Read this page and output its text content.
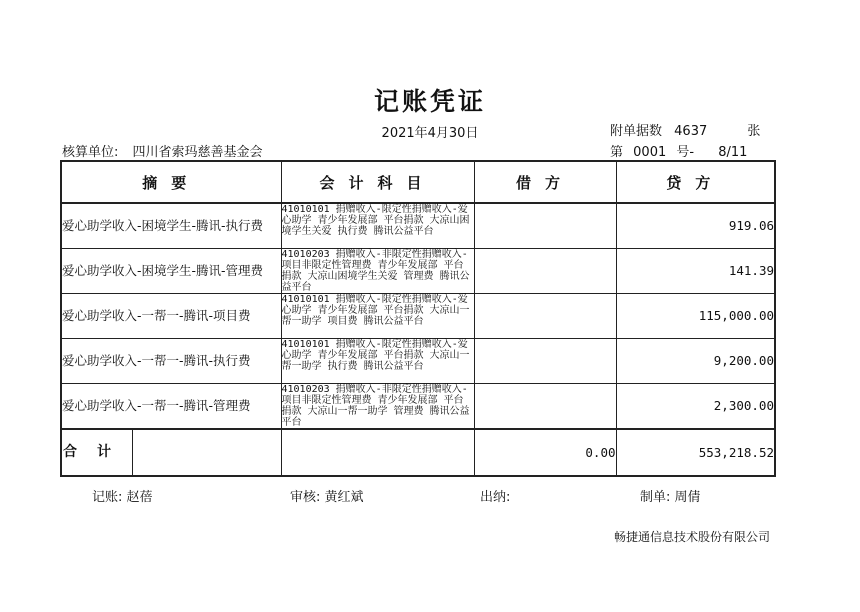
记账凭证
2021年4月30日	附单据数 4637	张
核算单位: 四川省索玛慈善基金会	第 0001 号- 8/11
摘要	会计科目	借方	贷方
爱心助学收入-困境学生-腾讯-执行费	41010101 捐赠收入-限定性捐赠收入-爱心助学 青少年发展部 平台捐款 大凉山困境学生关爱 执行费 腾讯公益平台		919.06
爱心助学收入-困境学生-腾讯-管理费	41010203 捐赠收入-非限定性捐赠收入-项目非限定性管理费 青少年发展部 平台捐款 大凉山困境学生关爱 管理费 腾讯公益平台		141.39
爱心助学收入-一帮一-腾讯-项目费	41010101 捐赠收入-限定性捐赠收入-爱心助学 青少年发展部 平台捐款 大凉山一帮一助学 项目费 腾讯公益平台		115,000.00
爱心助学收入-一帮一-腾讯-执行费	41010101 捐赠收入-限定性捐赠收入-爱心助学 青少年发展部 平台捐款 大凉山一帮一助学 执行费 腾讯公益平台		9,200.00
爱心助学收入-一帮一-腾讯-管理费	41010203 捐赠收入-非限定性捐赠收入-项目非限定性管理费 青少年发展部 平台捐款 大凉山一帮一助学 管理费 腾讯公益平台		2,300.00

合计		0.00	553,218.52
记账: 赵蓓	审核: 黄红斌	出纳:	制单: 周倩
畅捷通信息技术股份有限公司
